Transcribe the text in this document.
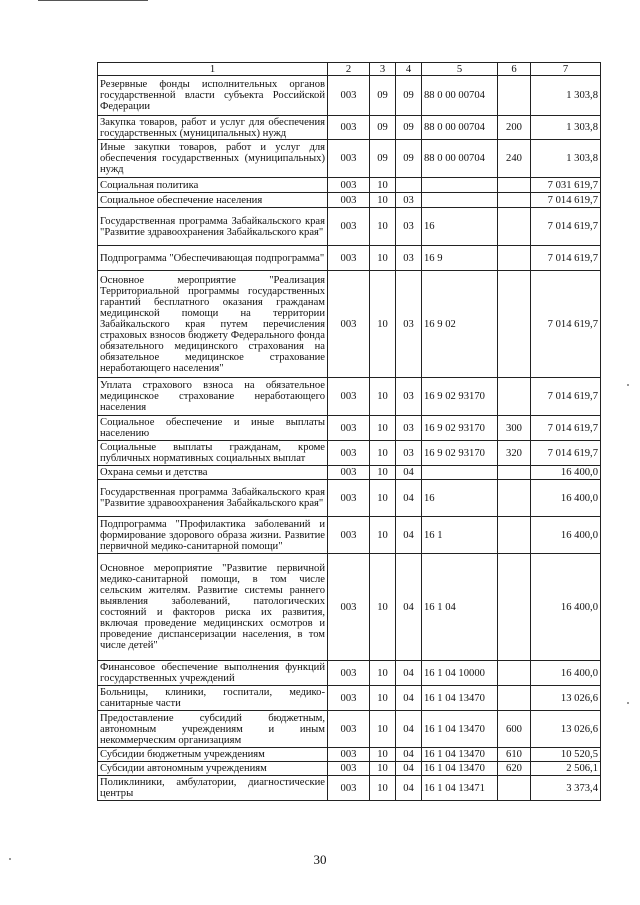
1	2	3	4	5	6	7
Резервные фонды исполнительных органов государственной власти субъекта Российской Федерации	003	09	09	88 0 00 00704		1 303,8
Закупка товаров, работ и услуг для обеспечения государственных (муниципальных) нужд	003	09	09	88 0 00 00704	200	1 303,8
Иные закупки товаров, работ и услуг для обеспечения государственных (муниципальных) нужд	003	09	09	88 0 00 00704	240	1 303,8
Социальная политика	003	10				7 031 619,7
Социальное обеспечение населения	003	10	03			7 014 619,7
Государственная программа Забайкальского края "Развитие здравоохранения Забайкальского края"	003	10	03	16		7 014 619,7
Подпрограмма "Обеспечивающая подпрограмма"	003	10	03	16 9		7 014 619,7
Основное мероприятие "Реализация Территориальной программы государственных гарантий бесплатного оказания гражданам медицинской помощи на территории Забайкальского края путем перечисления страховых взносов бюджету Федерального фонда обязательного медицинского страхования на обязательное медицинское страхование неработающего населения"	003	10	03	16 9 02		7 014 619,7
Уплата страхового взноса на обязательное медицинское страхование неработающего населения	003	10	03	16 9 02 93170		7 014 619,7
Социальное обеспечение и иные выплаты населению	003	10	03	16 9 02 93170	300	7 014 619,7
Социальные выплаты гражданам, кроме публичных нормативных социальных выплат	003	10	03	16 9 02 93170	320	7 014 619,7
Охрана семьи и детства	003	10	04			16 400,0
Государственная программа Забайкальского края "Развитие здравоохранения Забайкальского края"	003	10	04	16		16 400,0
Подпрограмма "Профилактика заболеваний и формирование здорового образа жизни. Развитие первичной медико-санитарной помощи"	003	10	04	16 1		16 400,0
Основное мероприятие "Развитие первичной медико-санитарной помощи, в том числе сельским жителям. Развитие системы раннего выявления заболеваний, патологических состояний и факторов риска их развития, включая проведение медицинских осмотров и проведение диспансеризации населения, в том числе детей"	003	10	04	16 1 04		16 400,0
Финансовое обеспечение выполнения функций государственных учреждений	003	10	04	16 1 04 10000		16 400,0
Больницы, клиники, госпитали, медико-санитарные части	003	10	04	16 1 04 13470		13 026,6
Предоставление субсидий бюджетным, автономным учреждениям и иным некоммерческим организациям	003	10	04	16 1 04 13470	600	13 026,6
Субсидии бюджетным учреждениям	003	10	04	16 1 04 13470	610	10 520,5
Субсидии автономным учреждениям	003	10	04	16 1 04 13470	620	2 506,1
Поликлиники, амбулатории, диагностические центры	003	10	04	16 1 04 13471		3 373,4
30
